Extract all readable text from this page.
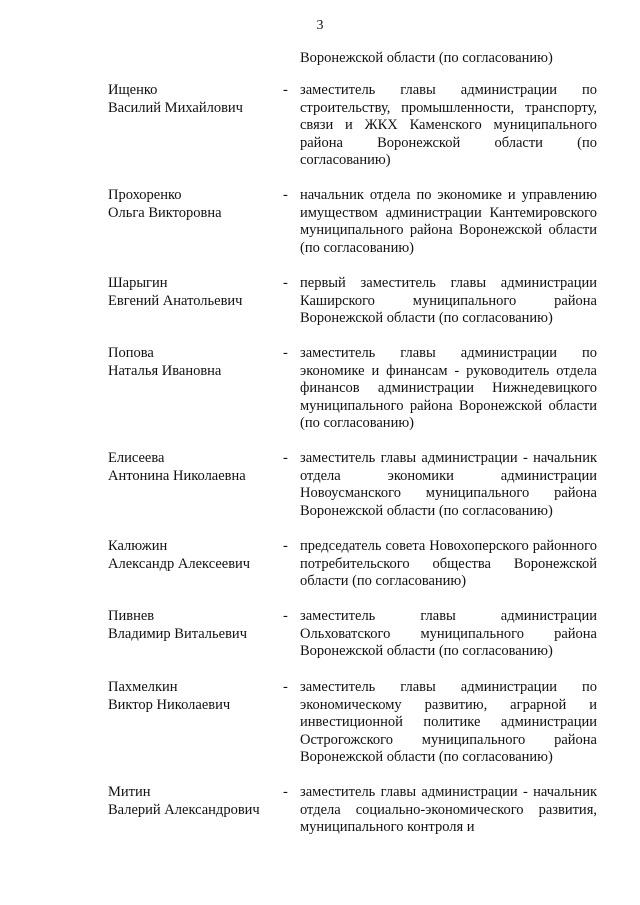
3
Воронежской области (по согласованию)
Ищенко
Василий Михайлович
- заместитель главы администрации по строительству, промышленности, транспорту, связи и ЖКХ Каменского муниципального района Воронежской области (по согласованию)
Прохоренко
Ольга Викторовна
- начальник отдела по экономике и управлению имуществом администрации Кантемировского муниципального района Воронежской области (по согласованию)
Шарыгин
Евгений Анатольевич
- первый заместитель главы администрации Каширского муниципального района Воронежской области (по согласованию)
Попова
Наталья Ивановна
- заместитель главы администрации по экономике и финансам - руководитель отдела финансов администрации Нижнедевицкого муниципального района Воронежской области (по согласованию)
Елисеева
Антонина Николаевна
- заместитель главы администрации - начальник отдела экономики администрации Новоусманского муниципального района Воронежской области (по согласованию)
Калюжин
Александр Алексеевич
- председатель совета Новохоперского районного потребительского общества Воронежской области (по согласованию)
Пивнев
Владимир Витальевич
- заместитель главы администрации Ольховатского муниципального района Воронежской области (по согласованию)
Пахмелкин
Виктор Николаевич
- заместитель главы администрации по экономическому развитию, аграрной и инвестиционной политике администрации Острогожского муниципального района Воронежской области (по согласованию)
Митин
Валерий Александрович
- заместитель главы администрации - начальник отдела социально-экономического развития, муниципального контроля и
